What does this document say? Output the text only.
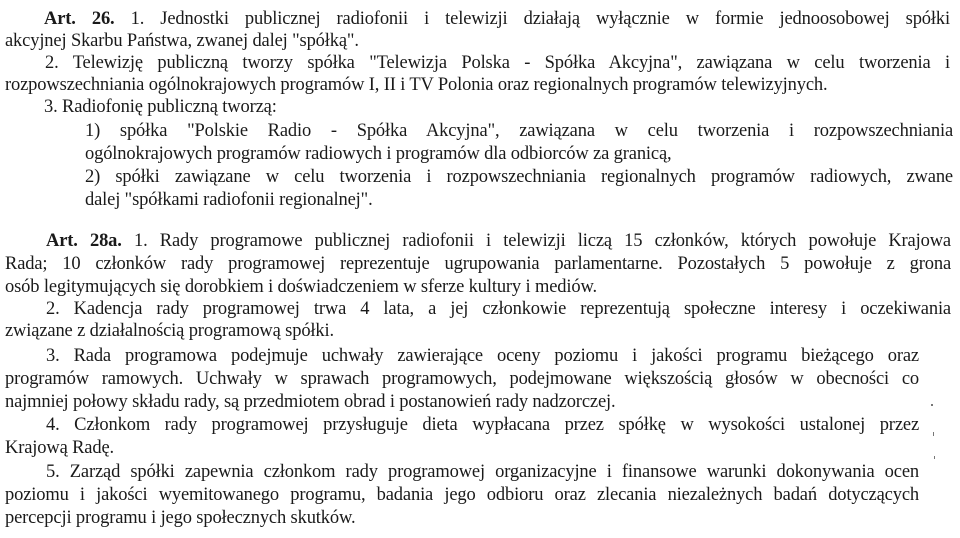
Art. 26. 1. Jednostki publicznej radiofonii i telewizji działają wyłącznie w formie jednoosobowej spółki
akcyjnej Skarbu Państwa, zwanej dalej "spółką".
2. Telewizję publiczną tworzy spółka "Telewizja Polska - Spółka Akcyjna", zawiązana w celu tworzenia i
rozpowszechniania ogólnokrajowych programów I, II i TV Polonia oraz regionalnych programów telewizyjnych.
3. Radiofonię publiczną tworzą:
1) spółka "Polskie Radio - Spółka Akcyjna", zawiązana w celu tworzenia i rozpowszechniania
ogólnokrajowych programów radiowych i programów dla odbiorców za granicą,
2) spółki zawiązane w celu tworzenia i rozpowszechniania regionalnych programów radiowych, zwane
dalej "spółkami radiofonii regionalnej".
Art. 28a. 1. Rady programowe publicznej radiofonii i telewizji liczą 15 członków, których powołuje Krajowa
Rada; 10 członków rady programowej reprezentuje ugrupowania parlamentarne. Pozostałych 5 powołuje z grona
osób legitymujących się dorobkiem i doświadczeniem w sferze kultury i mediów.
2. Kadencja rady programowej trwa 4 lata, a jej członkowie reprezentują społeczne interesy i oczekiwania
związane z działalnością programową spółki.
3. Rada programowa podejmuje uchwały zawierające oceny poziomu i jakości programu bieżącego oraz
programów ramowych. Uchwały w sprawach programowych, podejmowane większością głosów w obecności co
najmniej połowy składu rady, są przedmiotem obrad i postanowień rady nadzorczej.
4. Członkom rady programowej przysługuje dieta wypłacana przez spółkę w wysokości ustalonej przez
Krajową Radę.
5. Zarząd spółki zapewnia członkom rady programowej organizacyjne i finansowe warunki dokonywania ocen
poziomu i jakości wyemitowanego programu, badania jego odbioru oraz zlecania niezależnych badań dotyczących
percepcji programu i jego społecznych skutków.
